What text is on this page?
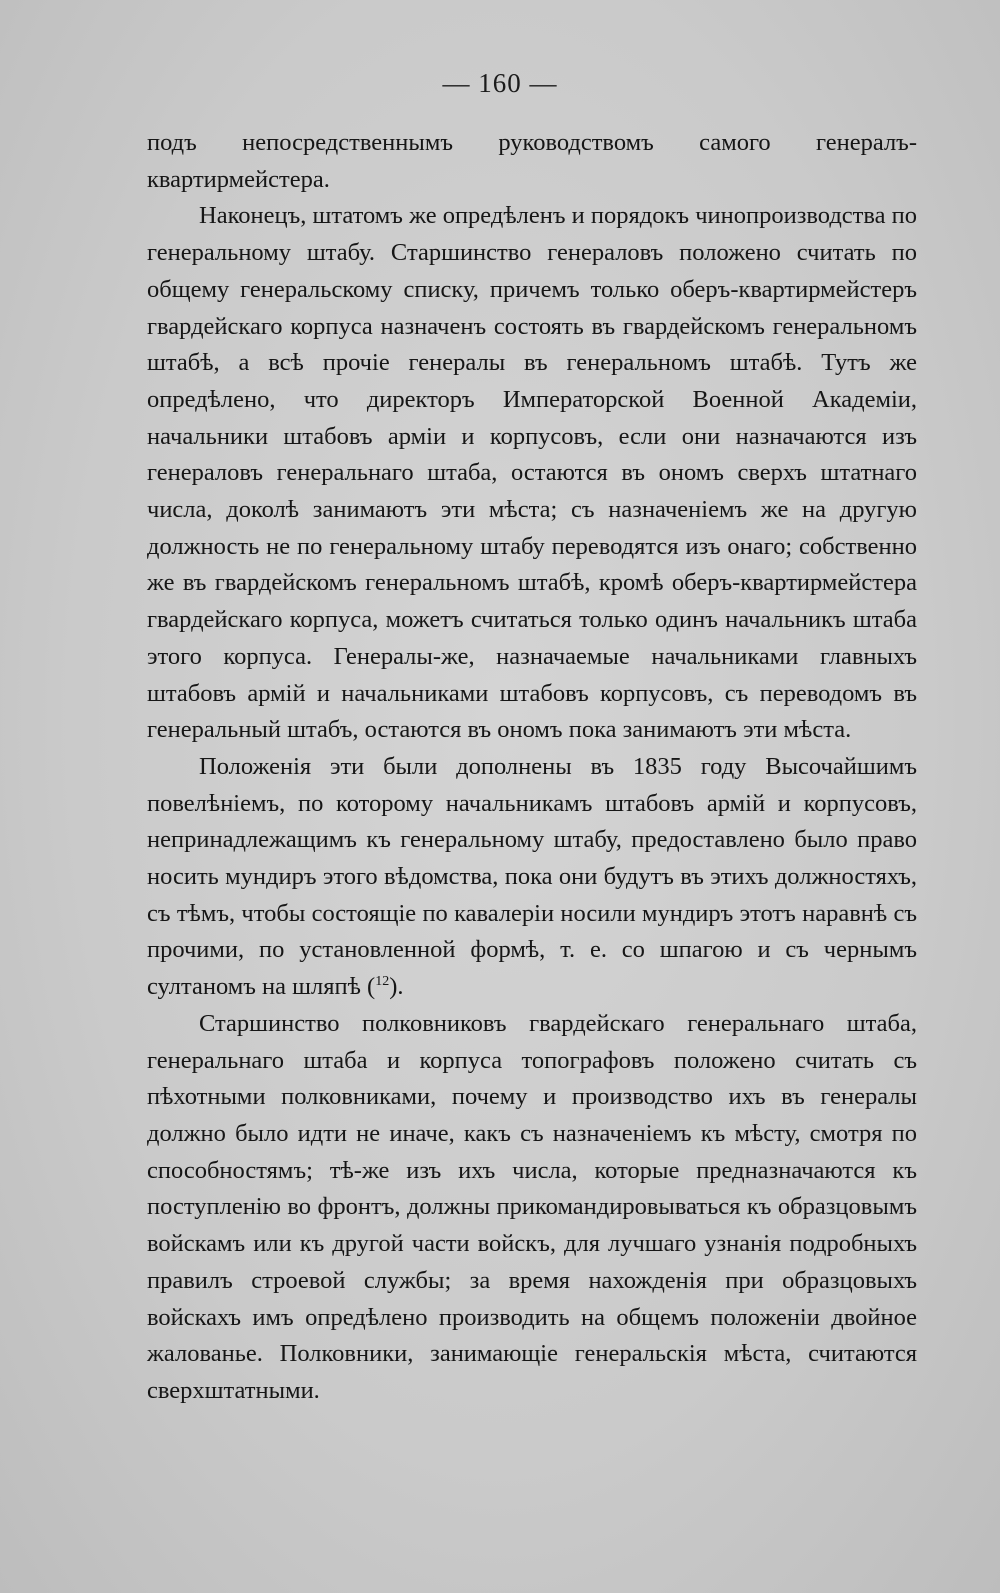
— 160 —

подъ непосредственнымъ руководствомъ самого генералъ-квартирмейстера.

Наконецъ, штатомъ же опредѣленъ и порядокъ чинопроизводства по генеральному штабу. Старшинство генераловъ положено считать по общему генеральскому списку, причемъ только оберъ-квартирмейстеръ гвардейскаго корпуса назначенъ состоять въ гвардейскомъ генеральномъ штабѣ, а всѣ прочіе генералы въ генеральномъ штабѣ. Тутъ же опредѣлено, что директоръ Императорской Военной Академіи, начальники штабовъ арміи и корпусовъ, если они назначаются изъ генераловъ генеральнаго штаба, остаются въ ономъ сверхъ штатнаго числа, доколѣ занимаютъ эти мѣста; съ назначеніемъ же на другую должность не по генеральному штабу переводятся изъ онаго; собственно же въ гвардейскомъ генеральномъ штабѣ, кромѣ оберъ-квартирмейстера гвардейскаго корпуса, можетъ считаться только одинъ начальникъ штаба этого корпуса. Генералы-же, назначаемые начальниками главныхъ штабовъ армій и начальниками штабовъ корпусовъ, съ переводомъ въ генеральный штабъ, остаются въ ономъ пока занимаютъ эти мѣста.

Положенія эти были дополнены въ 1835 году Высочайшимъ повелѣніемъ, по которому начальникамъ штабовъ армій и корпусовъ, непринадлежащимъ къ генеральному штабу, предоставлено было право носить мундиръ этого вѣдомства, пока они будутъ въ этихъ должностяхъ, съ тѣмъ, чтобы состоящіе по кавалеріи носили мундиръ этотъ наравнѣ съ прочими, по установленной формѣ, т. е. со шпагою и съ чернымъ султаномъ на шляпѣ ($^{12}$).

Старшинство полковниковъ гвардейскаго генеральнаго штаба, генеральнаго штаба и корпуса топографовъ положено считать съ пѣхотными полковниками, почему и производство ихъ въ генералы должно было идти не иначе, какъ съ назначеніемъ къ мѣсту, смотря по способностямъ; тѣ-же изъ ихъ числа, которые предназначаются къ поступленію во фронтъ, должны прикомандировываться къ образцовымъ войскамъ или къ другой части войскъ, для лучшаго узнанія подробныхъ правилъ строевой службы; за время нахожденія при образцовыхъ войскахъ имъ опредѣлено производить на общемъ положеніи двойное жалованье. Полковники, занимающіе генеральскія мѣста, считаются сверхштатными.
